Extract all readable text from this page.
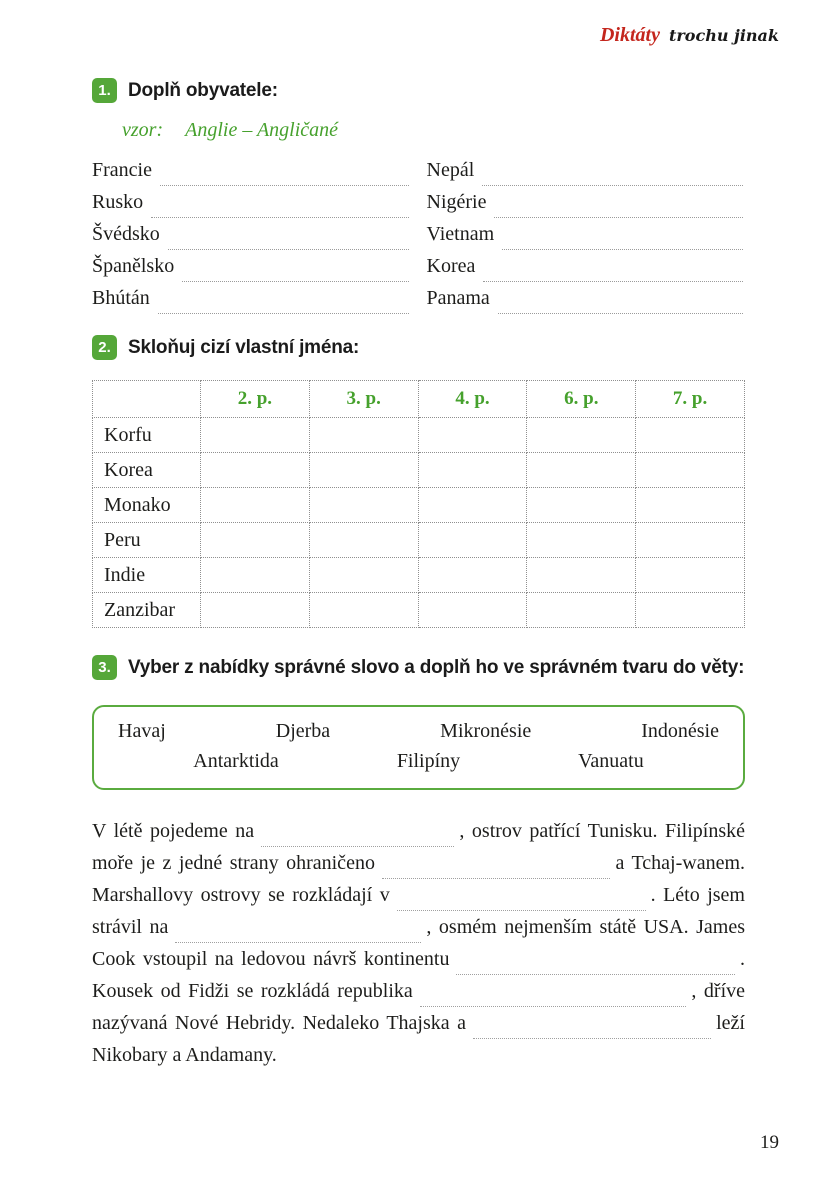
Diktáty trochu jinak
1. Doplň obyvatele:
vzor: Anglie – Angličané
Francie
Rusko
Švédsko
Španělsko
Bhútán
Nepál
Nigérie
Vietnam
Korea
Panama
2. Skloňuj cizí vlastní jména:
	2. p.	3. p.	4. p.	6. p.	7. p.
Korfu					
Korea					
Monako					
Peru					
Indie					
Zanzibar					
3. Vyber z nabídky správné slovo a doplň ho ve správném tvaru do věty:
Havaj	Djerba	Mikronésie	Indonésie
Antarktida	Filipíny	Vanuatu
V létě pojedeme na	, ostrov patřící Tunisku. Filipínské
moře je z jedné strany ohraničeno	a Tchaj-wanem.
Marshallovy ostrovy se rozkládají v	. Léto jsem
strávil na	, osmém nejmenším státě USA. James
Cook vstoupil na ledovou návrš kontinentu	.
Kousek od Fidži se rozkládá republika	, dříve
nazývaná Nové Hebridy. Nedaleko Thajska a	leží
Nikobary a Andamany.
19
